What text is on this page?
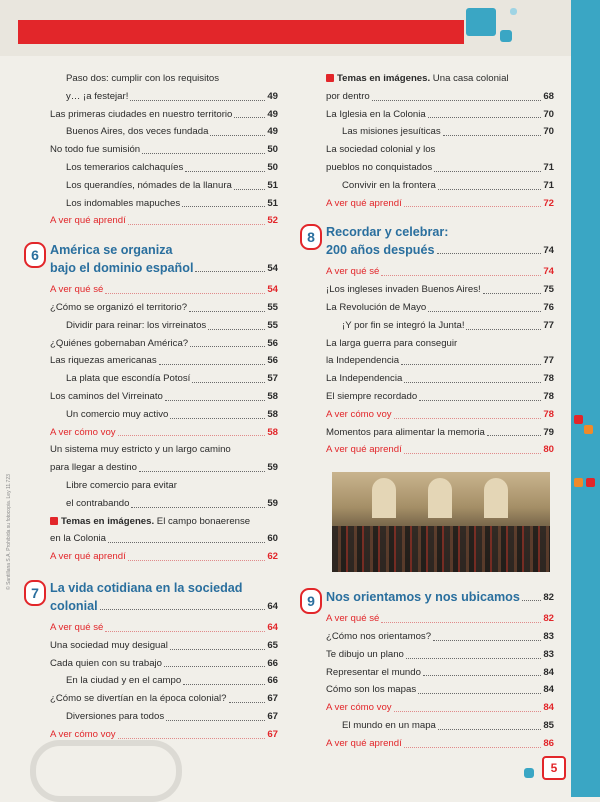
© Santillana S.A. Prohibida su fotocopia. Ley 11.723
Paso dos: cumplir con los requisitos
y… ¡a festejar!	49
Las primeras ciudades en nuestro territorio	49
Buenos Aires, dos veces fundada	49
No todo fue sumisión	50
Los temerarios calchaquíes	50
Los querandíes, nómades de la llanura	51
Los indomables mapuches	51
A ver qué aprendí	52
6 América se organiza
bajo el dominio español	54
A ver qué sé	54
¿Cómo se organizó el territorio?	55
Dividir para reinar: los virreinatos	55
¿Quiénes gobernaban América?	56
Las riquezas americanas	56
La plata que escondía Potosí	57
Los caminos del Virreinato	58
Un comercio muy activo	58
A ver cómo voy	58
Un sistema muy estricto y un largo camino
para llegar a destino	59
Libre comercio para evitar
el contrabando	59
Temas en imágenes. El campo bonaerense
en la Colonia	60
A ver qué aprendí	62
7 La vida cotidiana en la sociedad
colonial	64
A ver qué sé	64
Una sociedad muy desigual	65
Cada quien con su trabajo	66
En la ciudad y en el campo	66
¿Cómo se divertían en la época colonial?	67
Diversiones para todos	67
A ver cómo voy	67
Temas en imágenes. Una casa colonial
por dentro	68
La Iglesia en la Colonia	70
Las misiones jesuíticas	70
La sociedad colonial y los
pueblos no conquistados	71
Convivir en la frontera	71
A ver qué aprendí	72
8 Recordar y celebrar:
200 años después	74
A ver qué sé	74
¡Los ingleses invaden Buenos Aires!	75
La Revolución de Mayo	76
¡Y por fin se integró la Junta!	77
La larga guerra para conseguir
la Independencia	77
La Independencia	78
El siempre recordado	78
A ver cómo voy	78
Momentos para alimentar la memoria	79
A ver qué aprendí	80
9 Nos orientamos y nos ubicamos 82
A ver qué sé	82
¿Cómo nos orientamos?	83
Te dibujo un plano	83
Representar el mundo	84
Cómo son los mapas	84
A ver cómo voy	84
El mundo en un mapa	85
A ver qué aprendí	86
5
